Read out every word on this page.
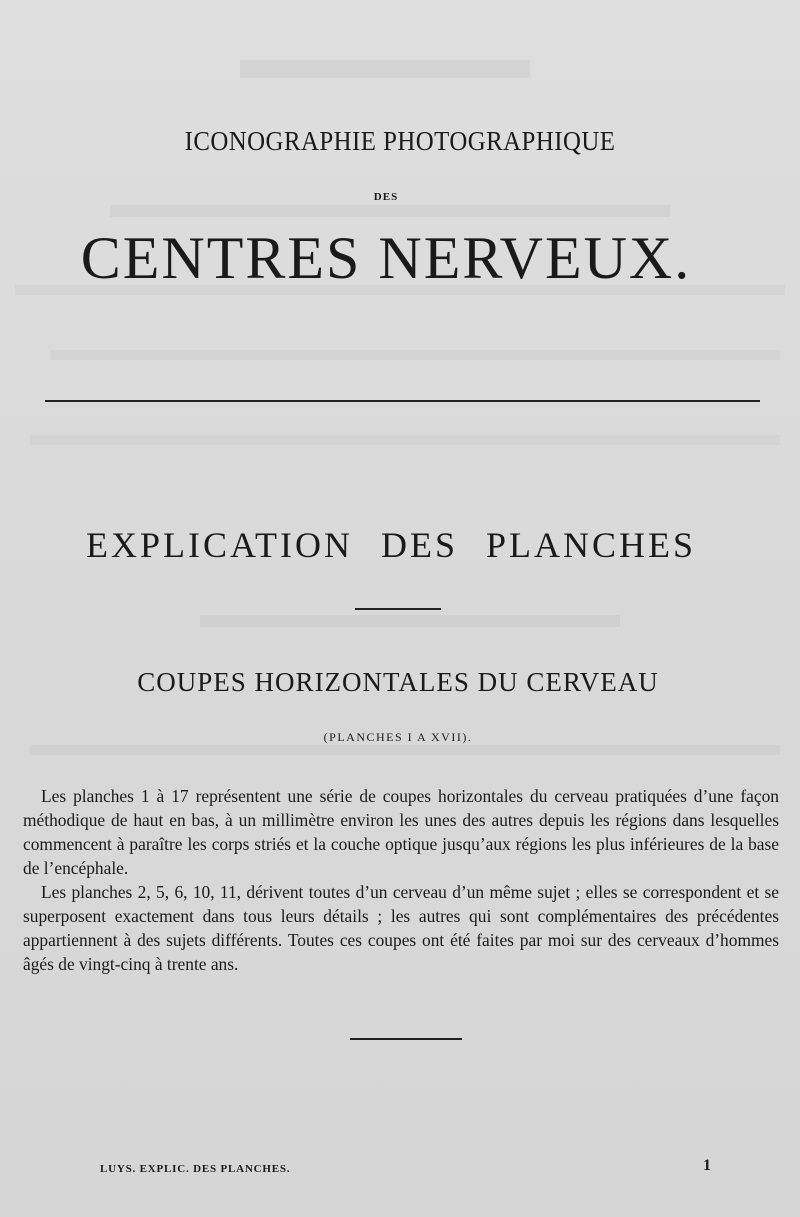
ICONOGRAPHIE PHOTOGRAPHIQUE
DES
CENTRES NERVEUX.
EXPLICATION DES PLANCHES
COUPES HORIZONTALES DU CERVEAU
(PLANCHES I A XVII).

Les planches 1 à 17 représentent une série de coupes horizontales du cerveau pratiquées d’une façon méthodique de haut en bas, à un millimètre environ les unes des autres depuis les régions dans lesquelles commencent à paraître les corps striés et la couche optique jusqu’aux régions les plus inférieures de la base de l’encéphale.

Les planches 2, 5, 6, 10, 11, dérivent toutes d’un cerveau d’un même sujet ; elles se correspondent et se superposent exactement dans tous leurs détails ; les autres qui sont complémentaires des précédentes appartiennent à des sujets différents. Toutes ces coupes ont été faites par moi sur des cerveaux d’hommes âgés de vingt-cinq à trente ans.

LUYS. EXPLIC. DES PLANCHES.	1
